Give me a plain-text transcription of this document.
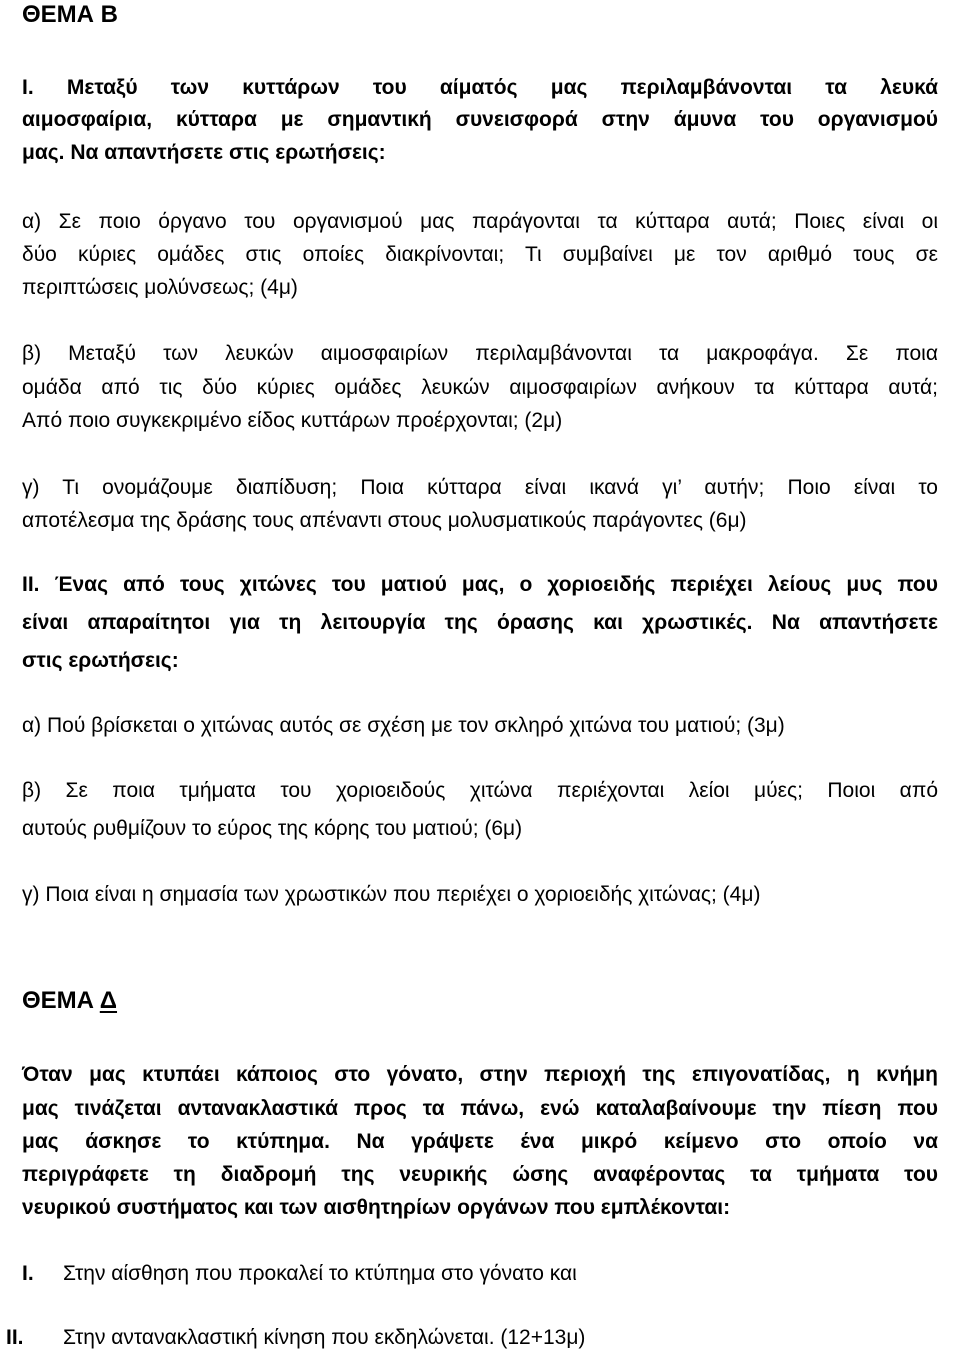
ΘΕΜΑ Β
Ι. Μεταξύ των κυττάρων του αίματός μας περιλαμβάνονται τα λευκά
αιμοσφαίρια, κύτταρα με σημαντική συνεισφορά στην άμυνα του οργανισμού
μας. Να απαντήσετε στις ερωτήσεις:
α) Σε ποιο όργανο του οργανισμού μας παράγονται τα κύτταρα αυτά; Ποιες είναι οι
δύο κύριες ομάδες στις οποίες διακρίνονται; Τι συμβαίνει με τον αριθμό τους σε
περιπτώσεις μολύνσεως; (4μ)
β) Μεταξύ των λευκών αιμοσφαιρίων περιλαμβάνονται τα μακροφάγα. Σε ποια
ομάδα από τις δύο κύριες ομάδες λευκών αιμοσφαιρίων ανήκουν τα κύτταρα αυτά;
Από ποιο συγκεκριμένο είδος κυττάρων προέρχονται; (2μ)
γ) Τι ονομάζουμε διαπίδυση; Ποια κύτταρα είναι ικανά γι’ αυτήν; Ποιο είναι το
αποτέλεσμα της δράσης τους απέναντι στους μολυσματικούς παράγοντες (6μ)
ΙΙ. Ένας από τους χιτώνες του ματιού μας, ο χοριοειδής περιέχει λείους μυς που
είναι απαραίτητοι για τη λειτουργία της όρασης και χρωστικές. Να απαντήσετε
στις ερωτήσεις:
α) Πού βρίσκεται ο χιτώνας αυτός σε σχέση με τον σκληρό χιτώνα του ματιού; (3μ)
β) Σε ποια τμήματα του χοριοειδούς χιτώνα περιέχονται λείοι μύες; Ποιοι από
αυτούς ρυθμίζουν το εύρος της κόρης του ματιού; (6μ)
γ) Ποια είναι η σημασία των χρωστικών που περιέχει ο χοριοειδής χιτώνας; (4μ)
ΘΕΜΑ Δ
Όταν μας κτυπάει κάποιος στο γόνατο, στην περιοχή της επιγονατίδας, η κνήμη
μας τινάζεται αντανακλαστικά προς τα πάνω, ενώ καταλαβαίνουμε την πίεση που
μας άσκησε το κτύπημα. Να γράψετε ένα μικρό κείμενο στο οποίο να
περιγράφετε τη διαδρομή της νευρικής ώσης αναφέροντας τα τμήματα του
νευρικού συστήματος και των αισθητηρίων οργάνων που εμπλέκονται:
I. Στην αίσθηση που προκαλεί το κτύπημα στο γόνατο και
II. Στην αντανακλαστική κίνηση που εκδηλώνεται. (12+13μ)
